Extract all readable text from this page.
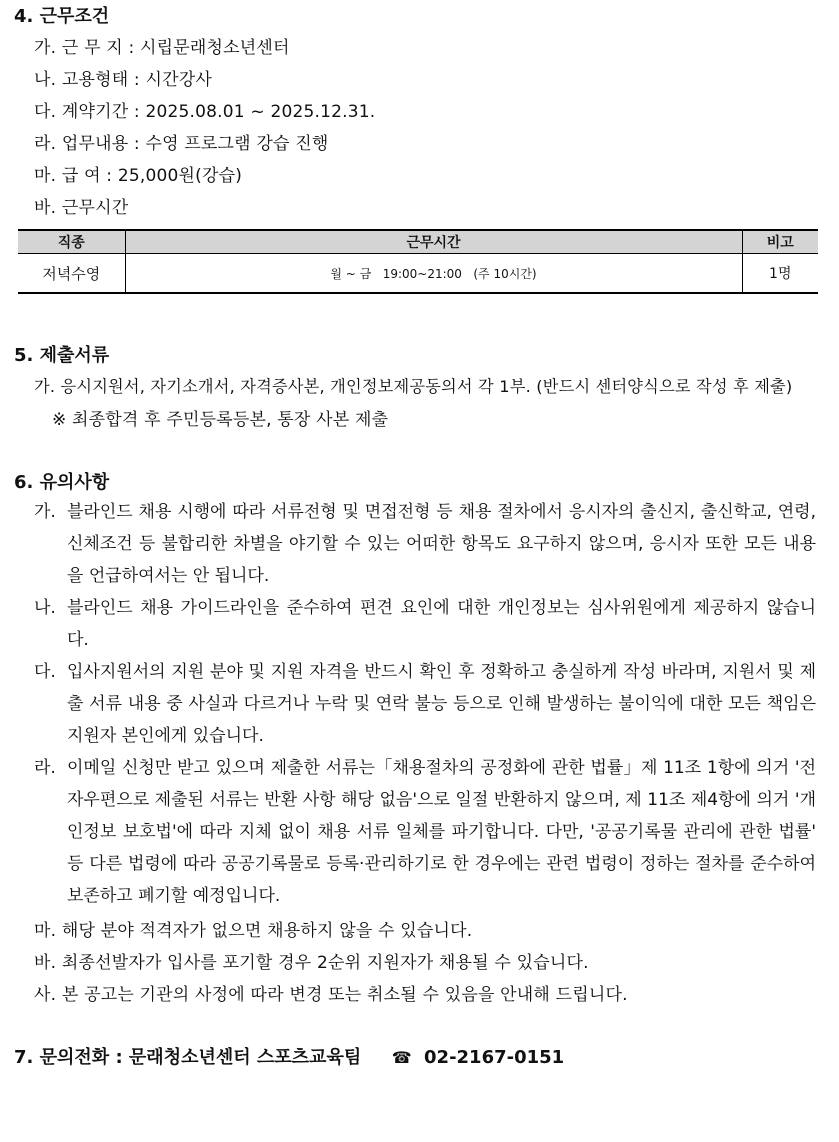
4. 근무조건
가. 근 무 지 : 시립문래청소년센터
나. 고용형태 : 시간강사
다. 계약기간 : 2025.08.01 ~ 2025.12.31.
라. 업무내용 : 수영 프로그램 강습 진행
마. 급 여 : 25,000원(강습)
바. 근무시간
직종	근무시간	비고
저녁수영	월 ~ 금   19:00~21:00   (주 10시간)	1명
5. 제출서류
가. 응시지원서, 자기소개서, 자격증사본, 개인정보제공동의서 각 1부. (반드시 센터양식으로 작성 후 제출)
※ 최종합격 후 주민등록등본, 통장 사본 제출
6. 유의사항
가. 블라인드 채용 시행에 따라 서류전형 및 면접전형 등 채용 절차에서 응시자의 출신지, 출신학교, 연령, 신체조건 등 불합리한 차별을 야기할 수 있는 어떠한 항목도 요구하지 않으며, 응시자 또한 모든 내용을 언급하여서는 안 됩니다.
나. 블라인드 채용 가이드라인을 준수하여 편견 요인에 대한 개인정보는 심사위원에게 제공하지 않습니다.
다. 입사지원서의 지원 분야 및 지원 자격을 반드시 확인 후 정확하고 충실하게 작성 바라며, 지원서 및 제출 서류 내용 중 사실과 다르거나 누락 및 연락 불능 등으로 인해 발생하는 불이익에 대한 모든 책임은 지원자 본인에게 있습니다.
라. 이메일 신청만 받고 있으며 제출한 서류는「채용절차의 공정화에 관한 법률」제 11조 1항에 의거 '전자우편으로 제출된 서류는 반환 사항 해당 없음'으로 일절 반환하지 않으며, 제 11조 제4항에 의거 '개인정보 보호법'에 따라 지체 없이 채용 서류 일체를 파기합니다. 다만, '공공기록물 관리에 관한 법률' 등 다른 법령에 따라 공공기록물로 등록·관리하기로 한 경우에는 관련 법령이 정하는 절차를 준수하여 보존하고 폐기할 예정입니다.
마. 해당 분야 적격자가 없으면 채용하지 않을 수 있습니다.
바. 최종선발자가 입사를 포기할 경우 2순위 지원자가 채용될 수 있습니다.
사. 본 공고는 기관의 사정에 따라 변경 또는 취소될 수 있음을 안내해 드립니다.
7. 문의전화 : 문래청소년센터 스포츠교육팀 ☎ 02-2167-0151
